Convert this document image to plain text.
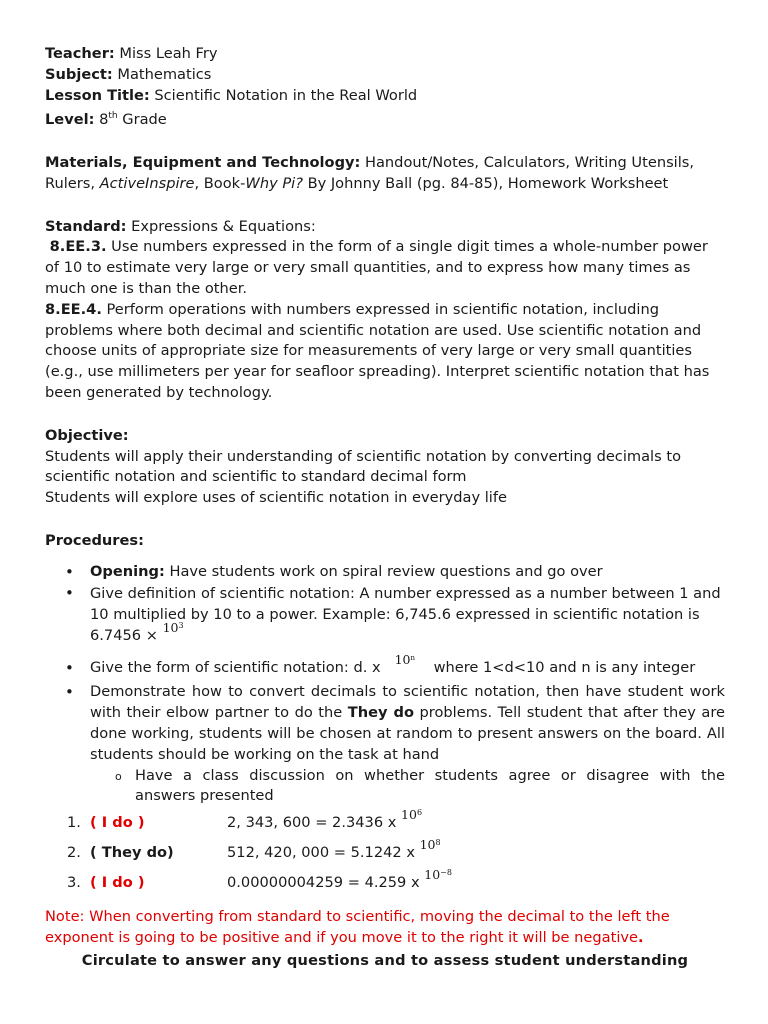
Teacher: Miss Leah Fry
Subject: Mathematics
Lesson Title: Scientific Notation in the Real World
Level: 8th Grade
Materials, Equipment and Technology: Handout/Notes, Calculators, Writing Utensils, Rulers, ActiveInspire, Book-Why Pi? By Johnny Ball (pg. 84-85), Homework Worksheet
Standard: Expressions & Equations:
8.EE.3. Use numbers expressed in the form of a single digit times a whole-number power of 10 to estimate very large or very small quantities, and to express how many times as much one is than the other.
8.EE.4. Perform operations with numbers expressed in scientific notation, including problems where both decimal and scientific notation are used. Use scientific notation and choose units of appropriate size for measurements of very large or very small quantities (e.g., use millimeters per year for seafloor spreading). Interpret scientific notation that has been generated by technology.
Objective:
Students will apply their understanding of scientific notation by converting decimals to scientific notation and scientific to standard decimal form
Students will explore uses of scientific notation in everyday life
Procedures:
• Opening: Have students work on spiral review questions and go over
• Give definition of scientific notation: A number expressed as a number between 1 and 10 multiplied by 10 to a power. Example: 6,745.6 expressed in scientific notation is $6.7456 \times 10^3$
• Give the form of scientific notation: d. x 10$^n$    where 1<d<10 and n is any integer
• Demonstrate how to convert decimals to scientific notation, then have student work with their elbow partner to do the They do problems. Tell student that after they are done working, students will be chosen at random to present answers on the board. All students should be working on the task at hand
o Have a class discussion on whether students agree or disagree with the answers presented
1. ( I do )	2, 343, 600 = 2.3436 x $10^6$
2. ( They do)	512, 420, 000 = 5.1242 x $10^8$
3. ( I do )	0.00000004259 = 4.259 x $10^{-8}$
Note: When converting from standard to scientific, moving the decimal to the left the exponent is going to be positive and if you move it to the right it will be negative.
Circulate to answer any questions and to assess student understanding
